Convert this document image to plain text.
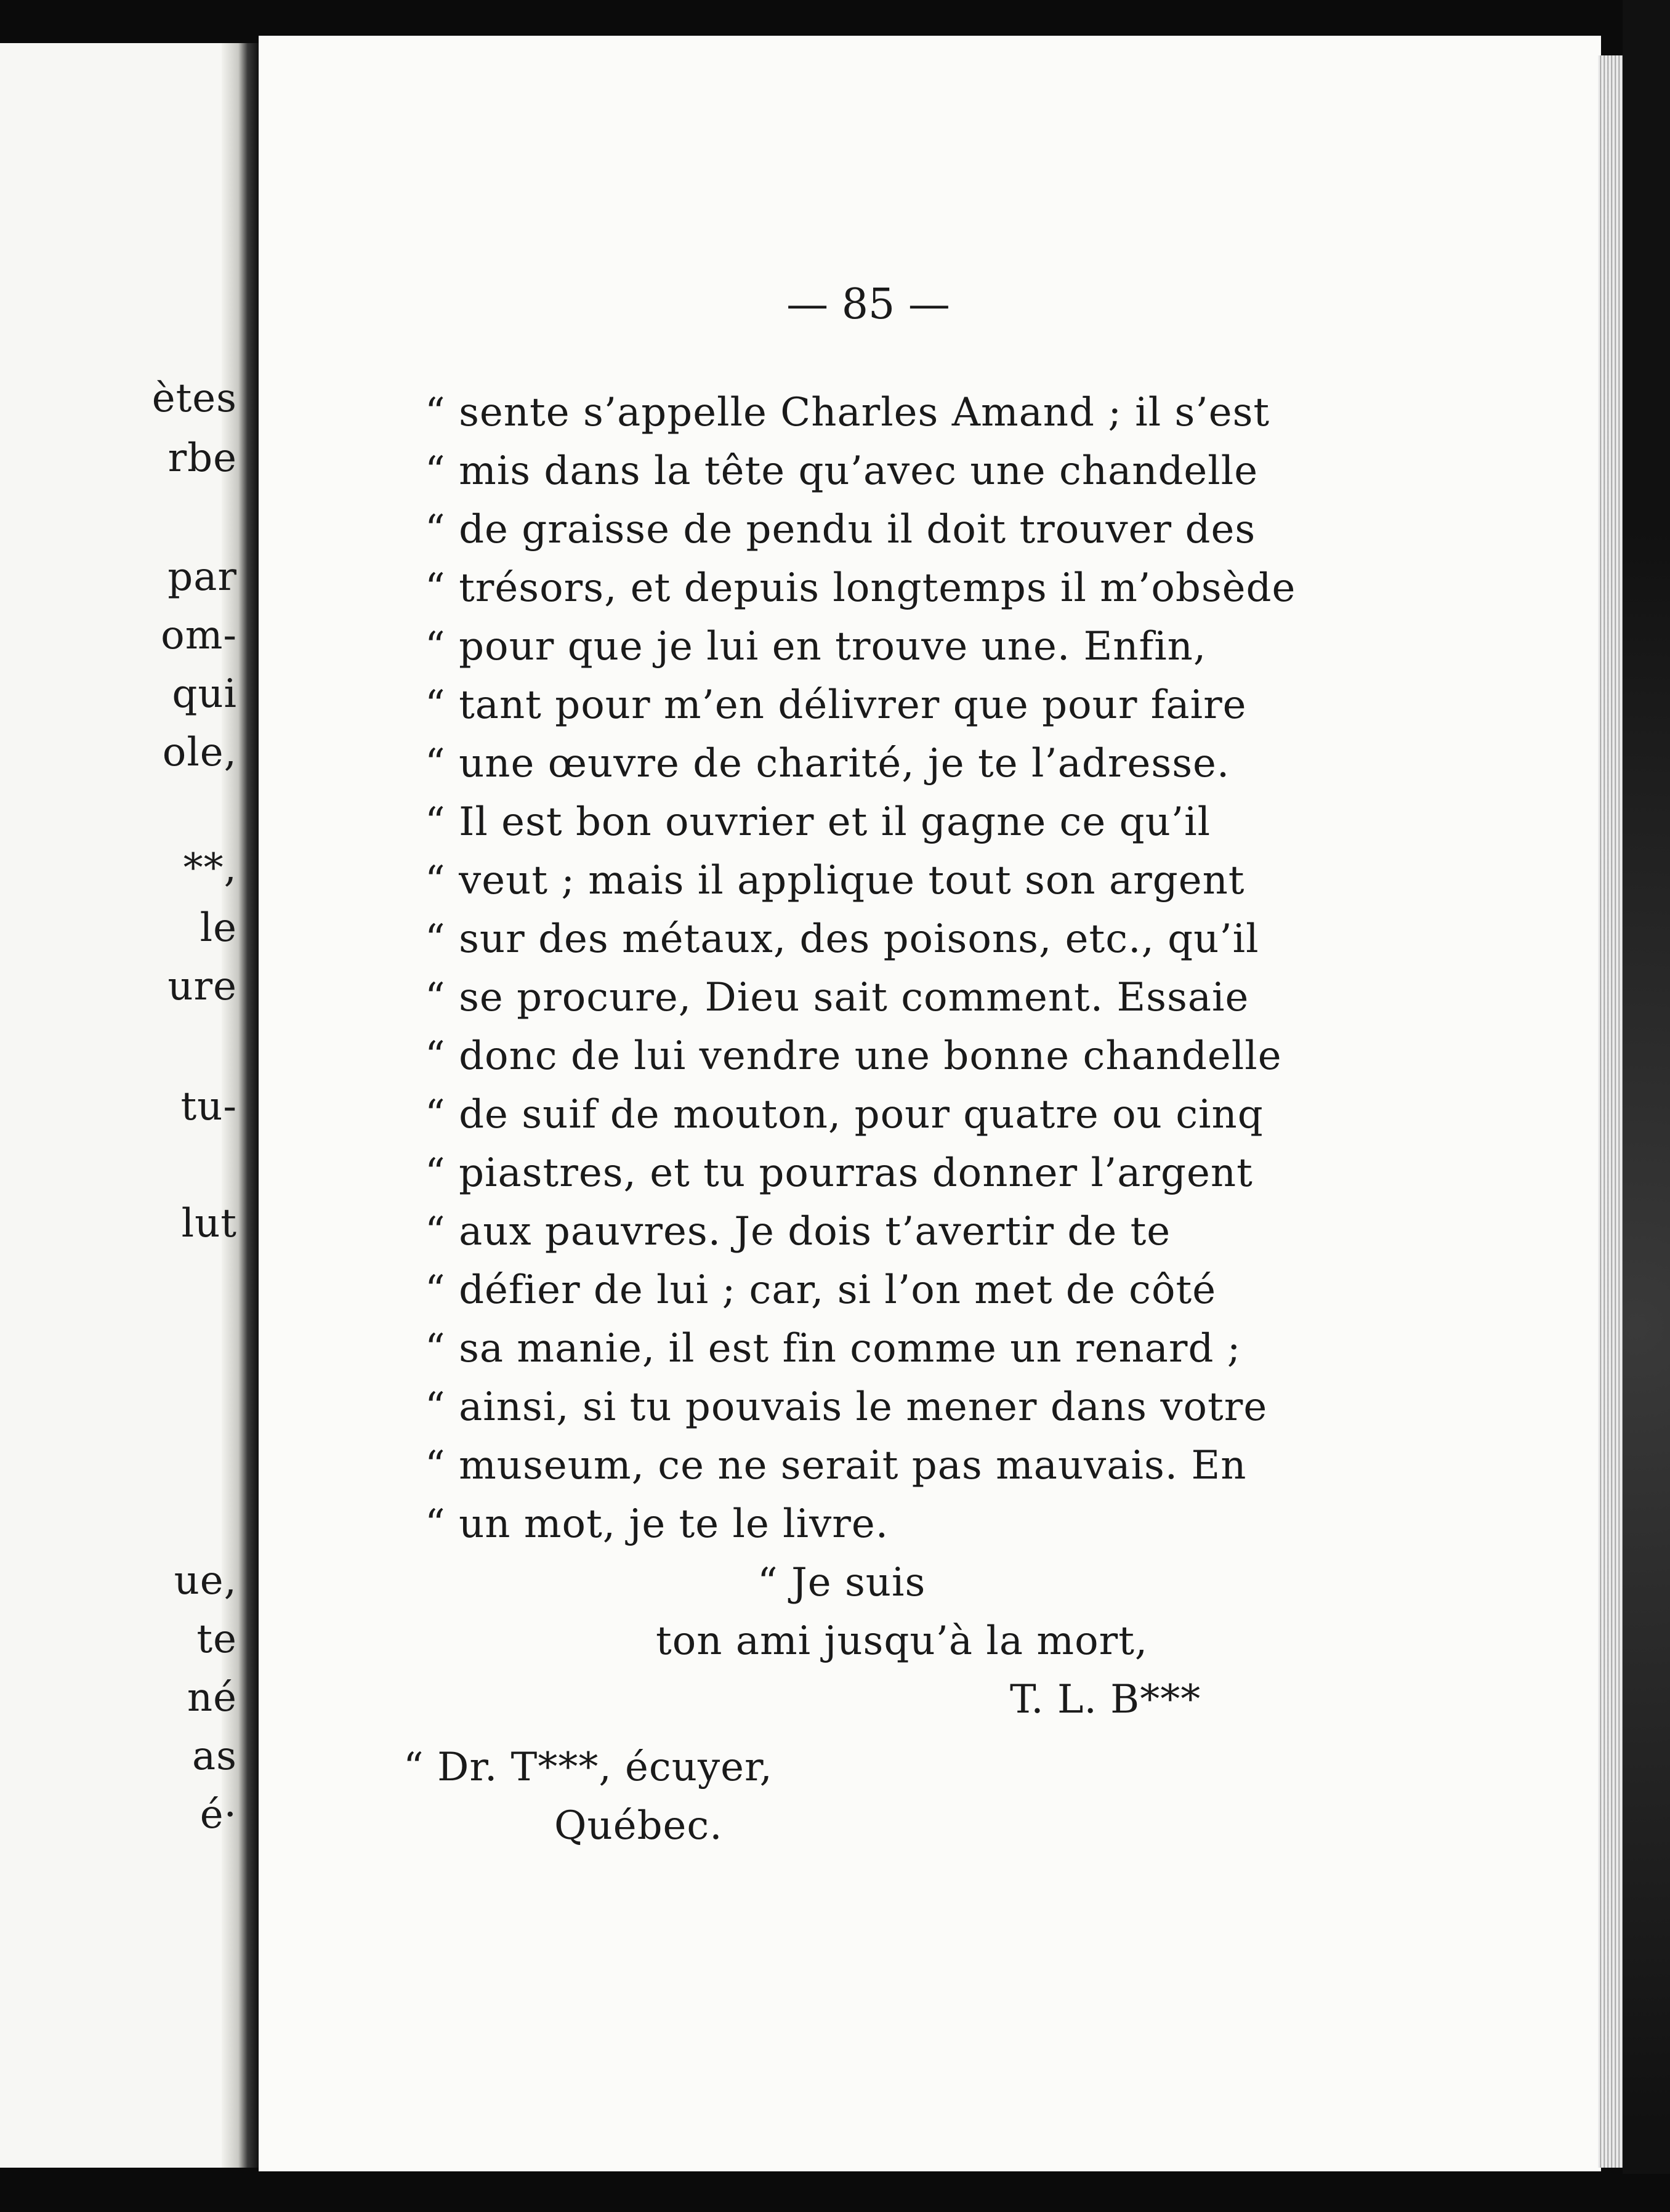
ètes
rbe
par
om-
qui
ole,
**,
le
ure
tu-
lut
ue,
te
né
as
é·
— 85 —
“ sente s’appelle Charles Amand ; il s’est
“ mis dans la tête qu’avec une chandelle
“ de graisse de pendu il doit trouver des
“ trésors, et depuis longtemps il m’obsède
“ pour que je lui en trouve une. Enfin,
“ tant pour m’en délivrer que pour faire
“ une œuvre de charité, je te l’adresse.
“ Il est bon ouvrier et il gagne ce qu’il
“ veut ; mais il applique tout son argent
“ sur des métaux, des poisons, etc., qu’il
“ se procure, Dieu sait comment. Essaie
“ donc de lui vendre une bonne chandelle
“ de suif de mouton, pour quatre ou cinq
“ piastres, et tu pourras donner l’argent
“ aux pauvres. Je dois t’avertir de te
“ défier de lui ; car, si l’on met de côté
“ sa manie, il est fin comme un renard ;
“ ainsi, si tu pouvais le mener dans votre
“ museum, ce ne serait pas mauvais. En
“ un mot, je te le livre.
“ Je suis
ton ami jusqu’à la mort,
T. L. B***
“ Dr. T***, écuyer,
Québec.
